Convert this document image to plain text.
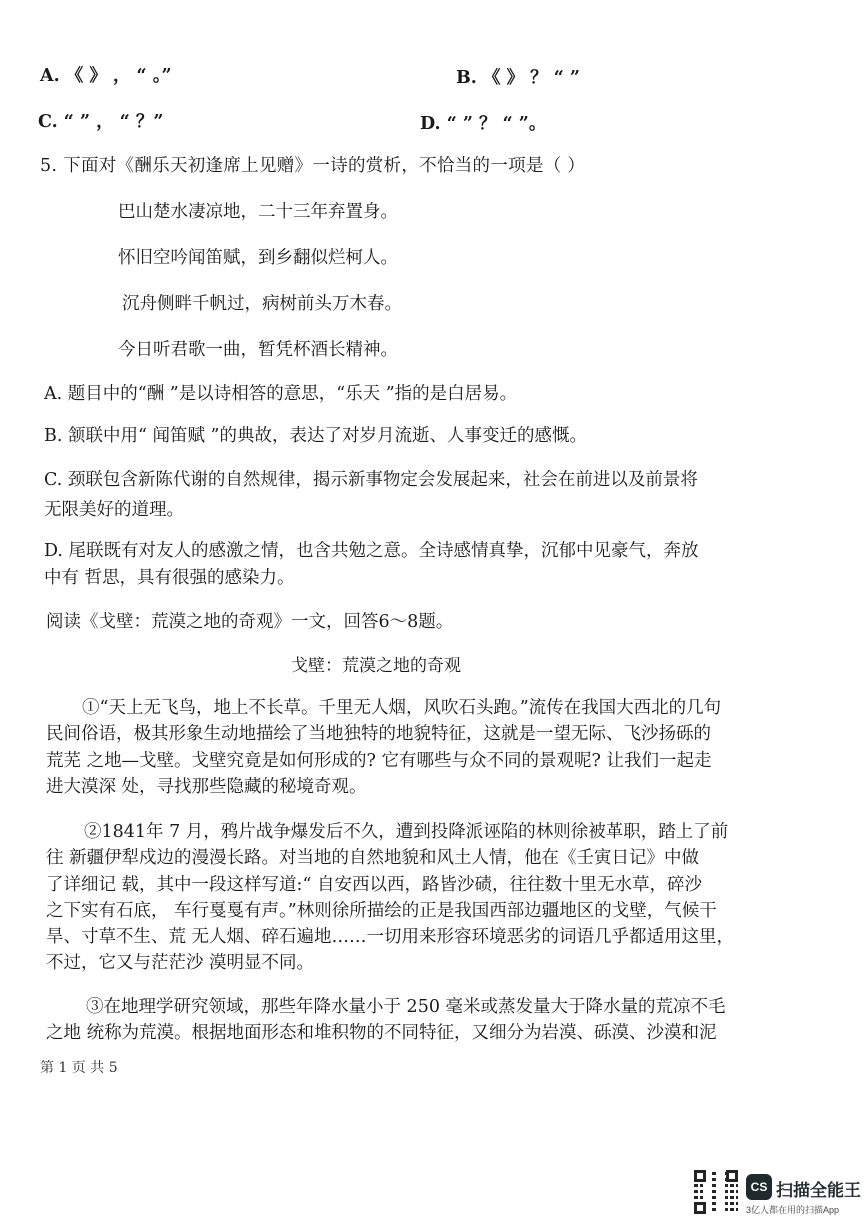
A. 《 》 ， “ 。”	B. 《 》 ？ “ ”
C. “ ” ， “ ？”	D. “ ” ？ “ ”。
5. 下面对《酬乐天初逢席上见赠》一诗的赏析，不恰当的一项是（ ）
巴山楚水凄凉地，二十三年弃置身。
怀旧空吟闻笛赋，到乡翻似烂柯人。
沉舟侧畔千帆过，病树前头万木春。
今日听君歌一曲，暂凭杯酒长精神。
A. 题目中的“酬 ”是以诗相答的意思，“乐天 ”指的是白居易。
B. 颔联中用“ 闻笛赋 ”的典故，表达了对岁月流逝、人事变迁的感慨。
C. 颈联包含新陈代谢的自然规律，揭示新事物定会发展起来，社会在前进以及前景将
无限美好的道理。
D. 尾联既有对友人的感激之情，也含共勉之意。全诗感情真挚，沉郁中见豪气，奔放
中有 哲思，具有很强的感染力。
阅读《戈壁：荒漠之地的奇观》一文，回答6～8题。
戈壁：荒漠之地的奇观
①“天上无飞鸟，地上不长草。千里无人烟，风吹石头跑。”流传在我国大西北的几句
民间俗语，极其形象生动地描绘了当地独特的地貌特征，这就是一望无际、飞沙扬砾的
荒芜 之地—戈壁。戈壁究竟是如何形成的? 它有哪些与众不同的景观呢? 让我们一起走
进大漠深 处，寻找那些隐藏的秘境奇观。
②1841年 7 月，鸦片战争爆发后不久，遭到投降派诬陷的林则徐被革职，踏上了前
往 新疆伊犁戍边的漫漫长路。对当地的自然地貌和风土人情，他在《壬寅日记》中做
了详细记 载，其中一段这样写道:“ 自安西以西，路皆沙碛，往往数十里无水草，碎沙
之下实有石底， 车行戛戛有声。”林则徐所描绘的正是我国西部边疆地区的戈壁，气候干
旱、寸草不生、荒 无人烟、碎石遍地……一切用来形容环境恶劣的词语几乎都适用这里，
不过，它又与茫茫沙 漠明显不同。
③在地理学研究领域，那些年降水量小于 250 毫米或蒸发量大于降水量的荒凉不毛
之地 统称为荒漠。根据地面形态和堆积物的不同特征，又细分为岩漠、砾漠、沙漠和泥
第 1 页 共 5
CS 扫描全能王
3亿人都在用的扫描App
